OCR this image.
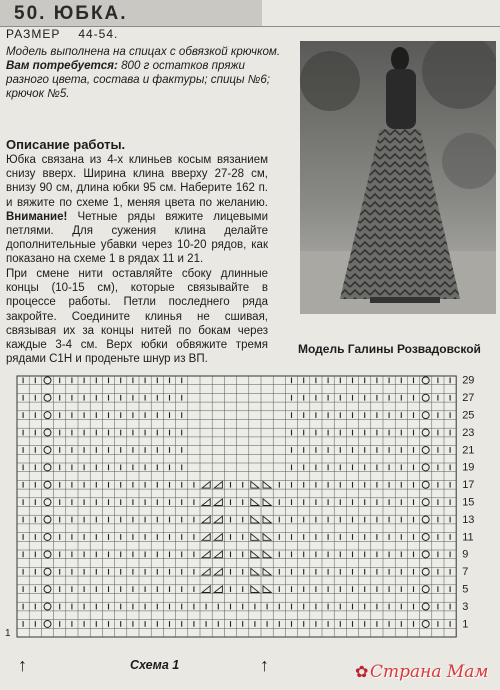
50. ЮБКА.
РАЗМЕР 44-54.
Модель выполнена на спицах с обвязкой крючком.
Вам потребуется: 800 г остатков пряжи разного цвета, состава и фактуры; спицы №6; крючок №5.
Описание работы.
Юбка связана из 4-х клиньев косым вязанием снизу вверх. Ширина клина вверху 27-28 см, внизу 90 см, длина юбки 95 см. Наберите 162 п. и вяжите по схеме 1, меняя цвета по желанию. Внимание! Четные ряды вяжите лицевыми петлями. Для сужения клина делайте дополнительные убавки через 10-20 рядов, как показано на схеме 1 в рядах 11 и 21.
При смене нити оставляйте сбоку длинные концы (10-15 см), которые связывайте в процессе работы. Петли последнего ряда закройте. Соедините клинья не сшивая, связывая их за концы нитей по бокам через каждые 3-4 см. Верх юбки обвяжите тремя рядами С1Н и проденьте шнур из ВП.
Модель Галины Розвадовской
29
27
25
23
21
19
17
15
13
11
9
7
5
3
1
1
Схема 1
↑	↑	✿ Страна Мам
